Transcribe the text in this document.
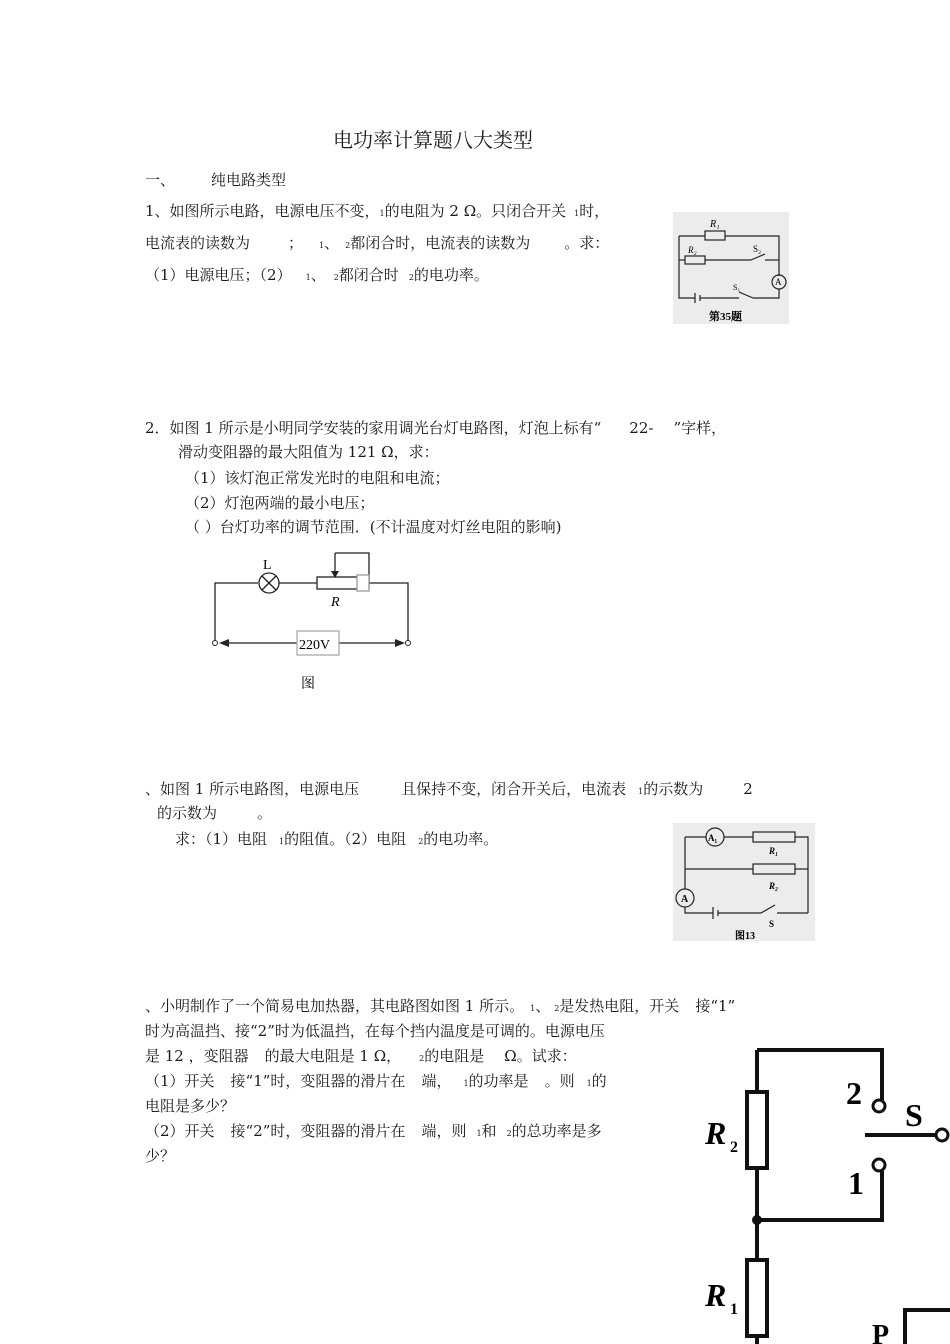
电功率计算题八大类型
一、 纯电路类型
1、如图所示电路，电源电压不变，1的电阻为 2 Ω。只闭合开关 1时，
电流表的读数为	； 1、 2都闭合时，电流表的读数为 。求：
（1）电源电压；（2） 1、 2都闭合时 2的电功率。
R₁
R₂	S₂
S₁
A
第35题
2．如图 1 所示是小明同学安装的家用调光台灯电路图，灯泡上标有“ 22- ”字样，
滑动变阻器的最大阻值为 121 Ω，求：
（1）该灯泡正常发光时的电阻和电流；
（2）灯泡两端的最小电压；
（ ）台灯功率的调节范围．(不计温度对灯丝电阻的影响)
L
R
220V
图
、如图 1 所示电路图，电源电压	且保持不变，闭合开关后，电流表 1的示数为	2
的示数为	。
求：（1）电阻 1的阻值。（2）电阻 2的电功率。	A₁
A
R₁
R₂
S
图13
、小明制作了一个简易电加热器，其电路图如图 1 所示。 1、 2是发热电阻，开关 接“1”
时为高温挡、接“2”时为低温挡，在每个挡内温度是可调的。电源电压
是 12 ，变阻器 的最大电阻是 1 Ω， 2的电阻是 Ω。试求：
（1）开关 接“1”时，变阻器的滑片在 端， 1的功率是 。则 1的
电阻是多少？
（2）开关 接“2”时，变阻器的滑片在 端，则 1和 2的总功率是多
少？
R 2
R 1
2
1
S
P
